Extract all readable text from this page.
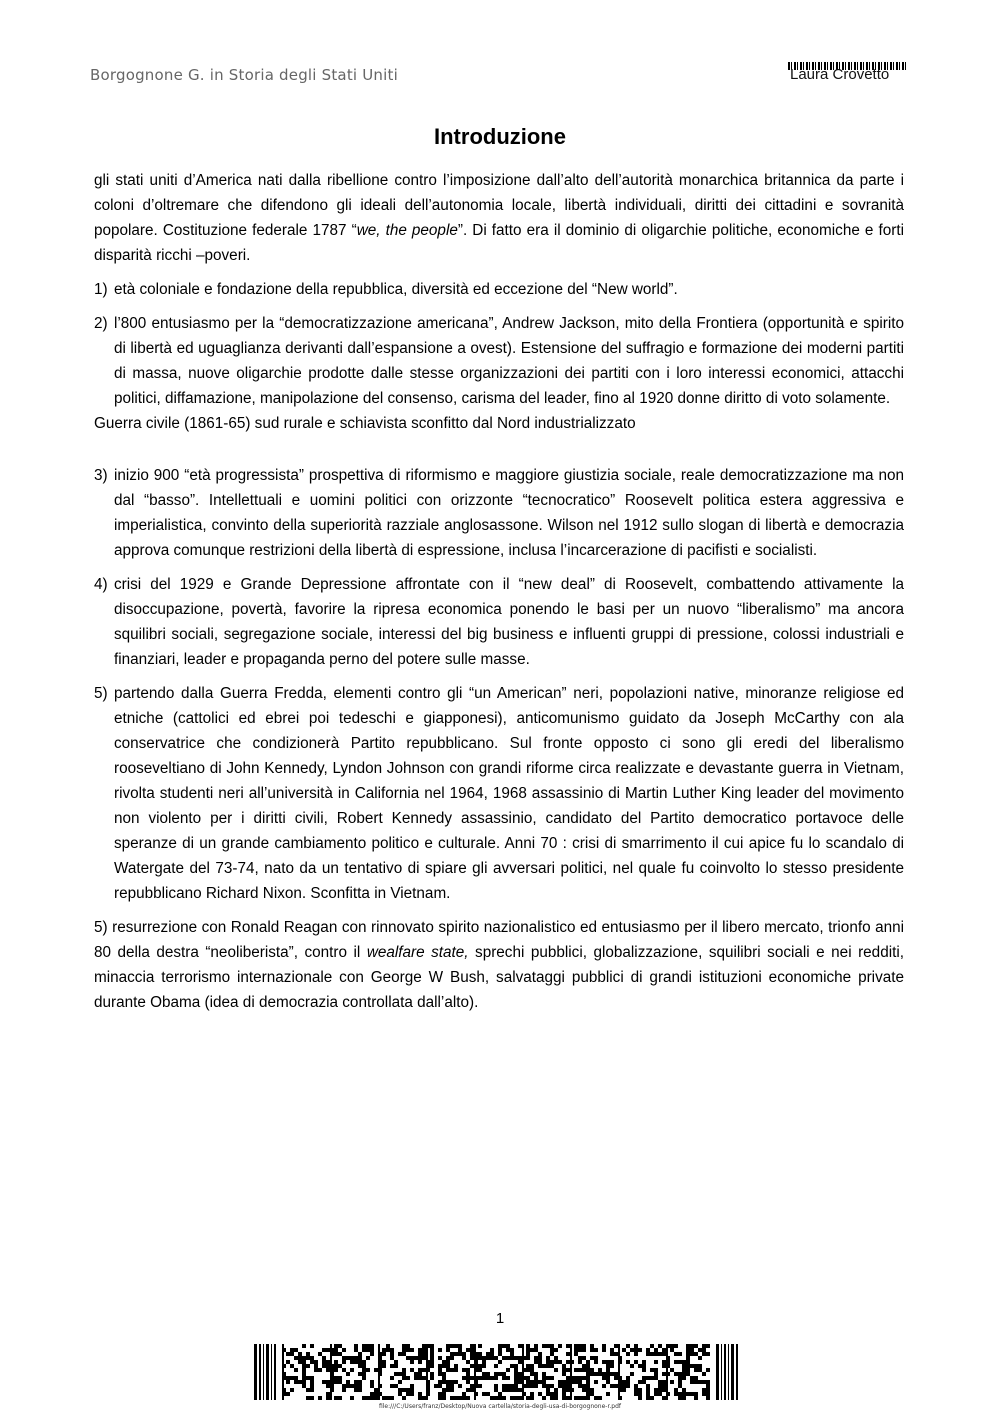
Borgognone G. in Storia degli Stati Uniti	Laura Crovetto
Introduzione

gli stati uniti d’America nati dalla ribellione contro l’imposizione dall’alto dell’autorità monarchica britannica da parte i coloni d’oltremare che difendono gli ideali dell’autonomia locale, libertà individuali, diritti dei cittadini e sovranità popolare. Costituzione federale 1787 “we, the people”. Di fatto era il dominio di oligarchie politiche, economiche e forti disparità ricchi –poveri.

1) età coloniale e fondazione della repubblica, diversità ed eccezione del “New world”.
2) l’800 entusiasmo per la “democratizzazione americana”, Andrew Jackson, mito della Frontiera (opportunità e spirito di libertà ed uguaglianza derivanti dall’espansione a ovest). Estensione del suffragio e formazione dei moderni partiti di massa, nuove oligarchie prodotte dalle stesse organizzazioni dei partiti con i loro interessi economici, attacchi politici, diffamazione, manipolazione del consenso, carisma del leader, fino al 1920 donne diritto di voto solamente.

Guerra civile (1861-65) sud rurale e schiavista sconfitto dal Nord industrializzato

3) inizio 900 “età progressista” prospettiva di riformismo e maggiore giustizia sociale, reale democratizzazione ma non dal “basso”. Intellettuali e uomini politici con orizzonte “tecnocratico” Roosevelt politica estera aggressiva e imperialistica, convinto della superiorità razziale anglosassone. Wilson nel 1912 sullo slogan di libertà e democrazia approva comunque restrizioni della libertà di espressione, inclusa l’incarcerazione di pacifisti e socialisti.
4) crisi del 1929 e Grande Depressione affrontate con il “new deal” di Roosevelt, combattendo attivamente la disoccupazione, povertà, favorire la ripresa economica ponendo le basi per un nuovo “liberalismo” ma ancora squilibri sociali, segregazione sociale, interessi del big business e influenti gruppi di pressione, colossi industriali e finanziari, leader e propaganda perno del potere sulle masse.
5) partendo dalla Guerra Fredda, elementi contro gli “un American” neri, popolazioni native, minoranze religiose ed etniche (cattolici ed ebrei poi tedeschi e giapponesi), anticomunismo guidato da Joseph McCarthy con ala conservatrice che condizionerà Partito repubblicano. Sul fronte opposto ci sono gli eredi del liberalismo rooseveltiano di John Kennedy, Lyndon Johnson con grandi riforme circa realizzate e devastante guerra in Vietnam, rivolta studenti neri all’università in California nel 1964, 1968 assassinio di Martin Luther King leader del movimento non violento per i diritti civili, Robert Kennedy assassinio, candidato del Partito democratico portavoce delle speranze di un grande cambiamento politico e culturale. Anni 70 : crisi di smarrimento il cui apice fu lo scandalo di Watergate del 73-74, nato da un tentativo di spiare gli avversari politici, nel quale fu coinvolto lo stesso presidente repubblicano Richard Nixon. Sconfitta in Vietnam.

5) resurrezione con Ronald Reagan con rinnovato spirito nazionalistico ed entusiasmo per il libero mercato, trionfo anni 80 della destra “neoliberista”, contro il wealfare state, sprechi pubblici, globalizzazione, squilibri sociali e nei redditi, minaccia terrorismo internazionale con George W Bush, salvataggi pubblici di grandi istituzioni economiche private durante Obama (idea di democrazia controllata dall’alto).

1
file:///C:/Users/franz/Desktop/Nuova cartella/storia-degli-usa-di-borgognone-r.pdf
